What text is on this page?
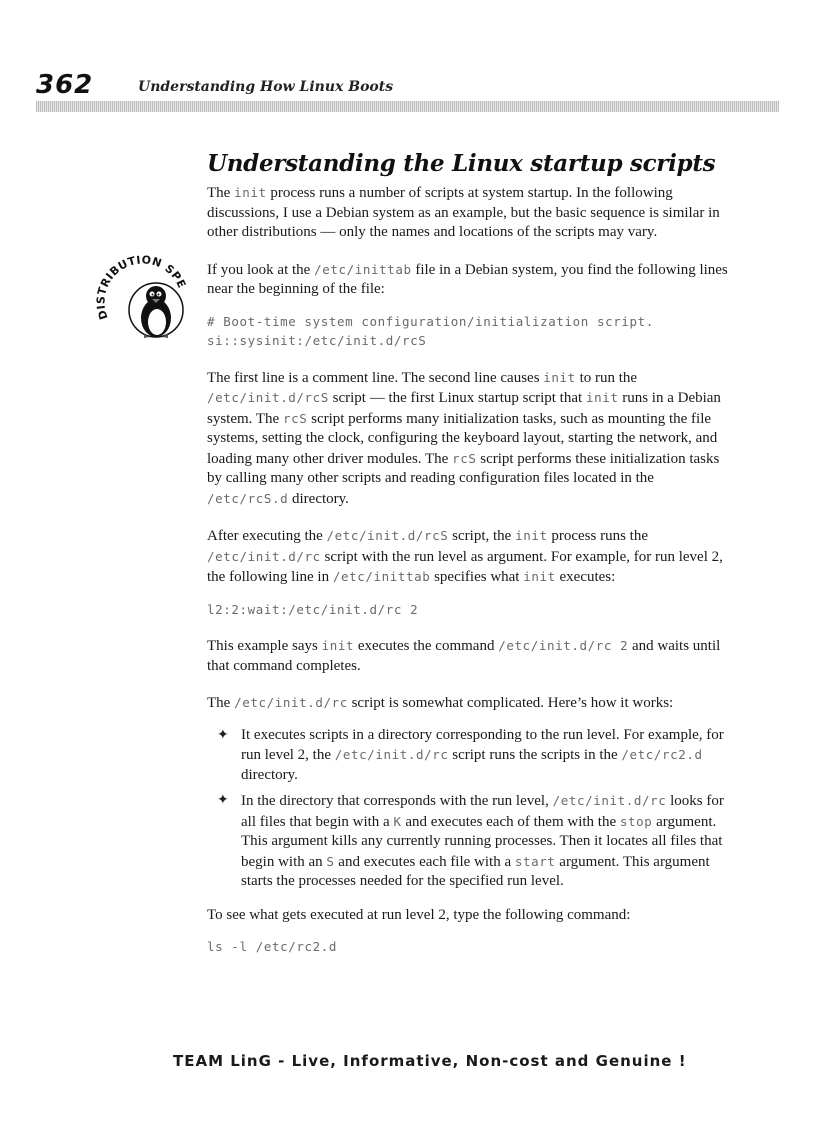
362	Understanding How Linux Boots
DISTRIBUTION SPE
Understanding the Linux startup scripts

The init process runs a number of scripts at system startup. In the following discussions, I use a Debian system as an example, but the basic sequence is similar in other distributions — only the names and locations of the scripts may vary.

If you look at the /etc/inittab file in a Debian system, you find the following lines near the beginning of the file:

# Boot-time system configuration/initialization script.
si::sysinit:/etc/init.d/rcS

The first line is a comment line. The second line causes init to run the /etc/init.d/rcS script — the first Linux startup script that init runs in a Debian system. The rcS script performs many initialization tasks, such as mounting the file systems, setting the clock, configuring the keyboard layout, starting the network, and loading many other driver modules. The rcS script performs these initialization tasks by calling many other scripts and reading configuration files located in the /etc/rcS.d directory.

After executing the /etc/init.d/rcS script, the init process runs the /etc/init.d/rc script with the run level as argument. For example, for run level 2, the following line in /etc/inittab specifies what init executes:

l2:2:wait:/etc/init.d/rc 2

This example says init executes the command /etc/init.d/rc 2 and waits until that command completes.

The /etc/init.d/rc script is somewhat complicated. Here’s how it works:

✦ It executes scripts in a directory corresponding to the run level. For example, for run level 2, the /etc/init.d/rc script runs the scripts in the /etc/rc2.d directory.
✦ In the directory that corresponds with the run level, /etc/init.d/rc looks for all files that begin with a K and executes each of them with the stop argument. This argument kills any currently running processes. Then it locates all files that begin with an S and executes each file with a start argument. This argument starts the processes needed for the specified run level.

To see what gets executed at run level 2, type the following command:

ls -l /etc/rc2.d
TEAM LinG - Live, Informative, Non-cost and Genuine !
